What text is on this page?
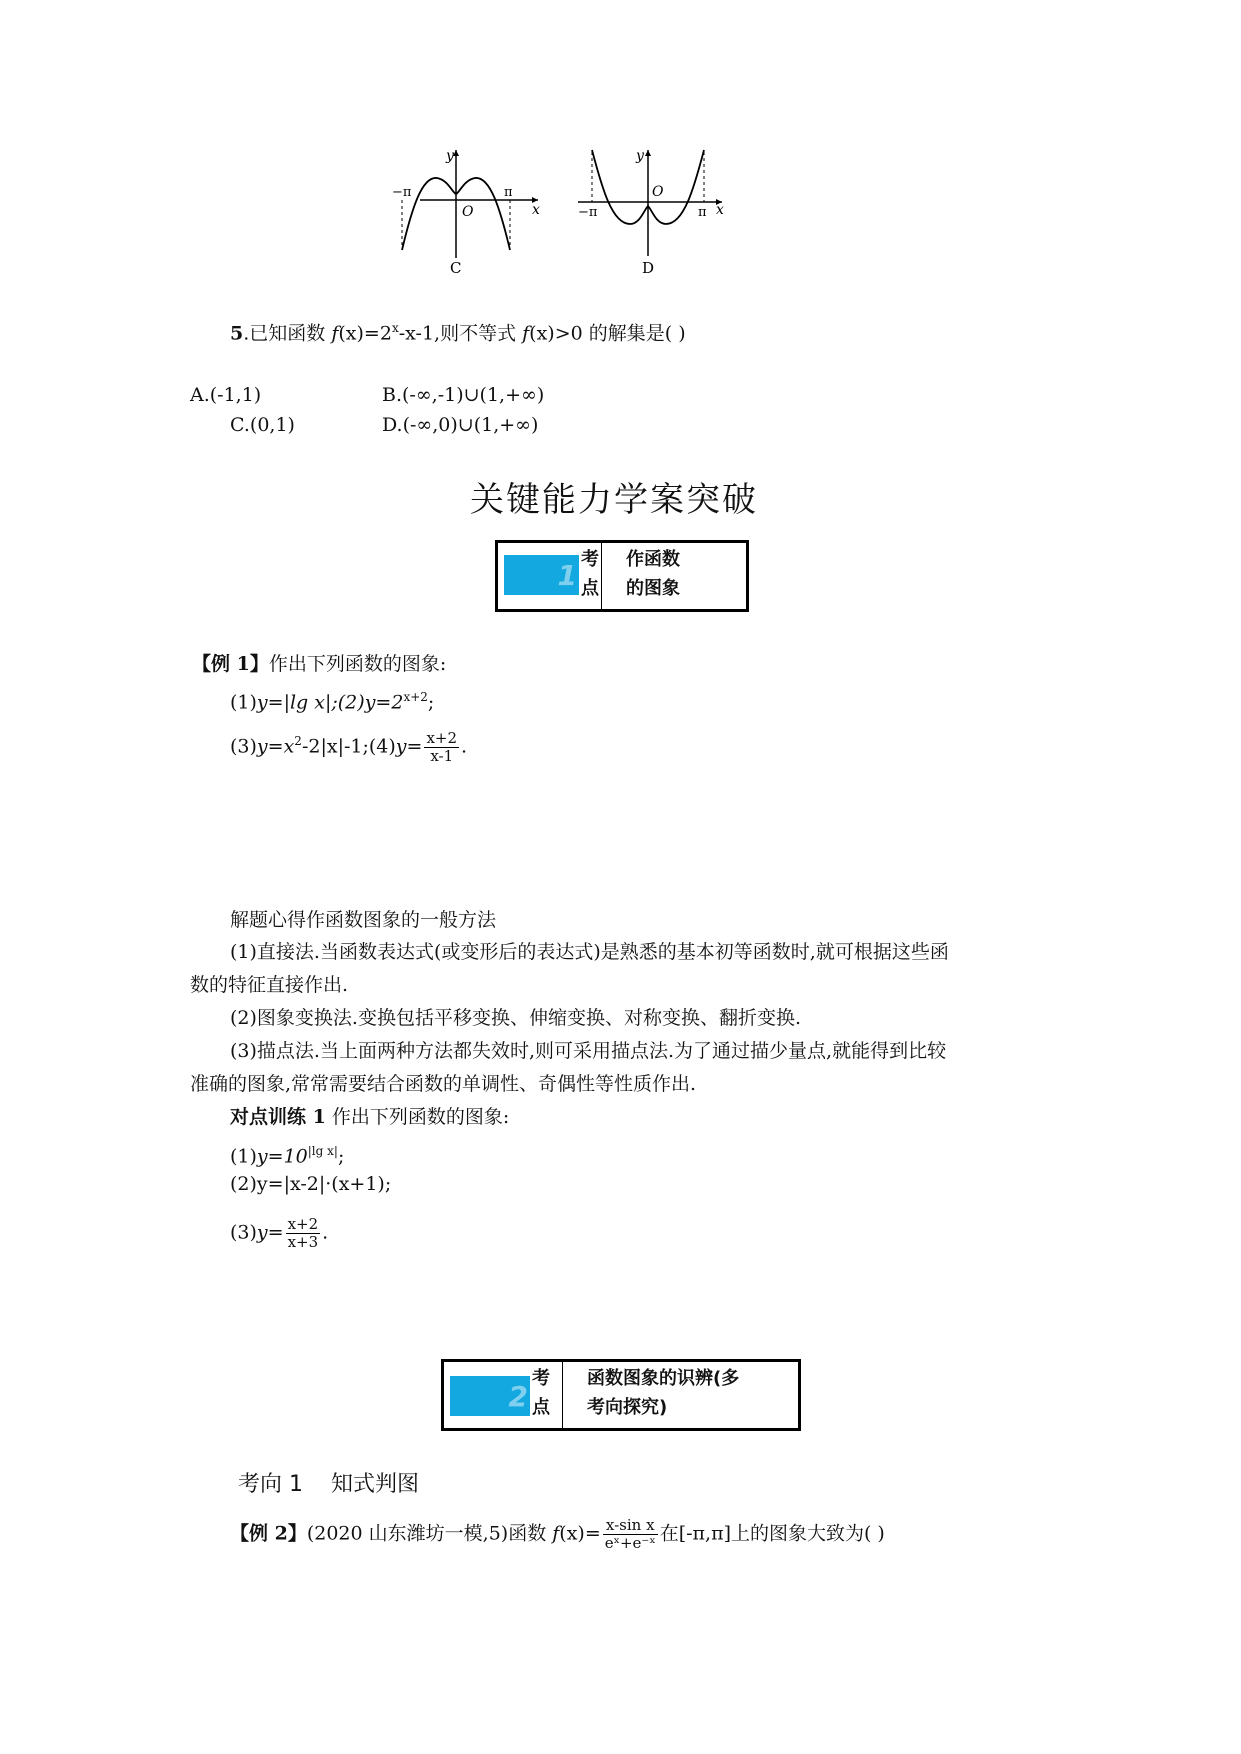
y
x
O
−π	π
C
y
x
O
−π	π
D
5.已知函数 $f(x)=2^x-x-1$,则不等式 f(x)>0 的解集是( )
A.(-1,1)	B.(-∞,-1)∪(1,+∞)
C.(0,1)	D.(-∞,0)∪(1,+∞)
关键能力学案突破
1 考
点
作函数
的图象
【例 1】作出下列函数的图象:
(1)y=|lg $x|;(2)y=2^{x+2}$;
$(3)y=x^2-2|x|-1;(4)y= \frac{x+2}{x-1}$ .
解题心得作函数图象的一般方法
(1)直接法.当函数表达式(或变形后的表达式)是熟悉的基本初等函数时,就可根据这些函
数的特征直接作出.
(2)图象变换法.变换包括平移变换、伸缩变换、对称变换、翻折变换.
(3)描点法.当上面两种方法都失效时,则可采用描点法.为了通过描少量点,就能得到比较
准确的图象,常常需要结合函数的单调性、奇偶性等性质作出.
对点训练 1 作出下列函数的图象:
$(1)y=10^{|lg x|}$;
(2)y=|x-2|·(x+1);
$(3)y= \frac{x+2}{x+3}$ .
2
考
点
函数图象的识辨(多
考向探究)
考向 1 知式判图
【例 2】(2020 山东潍坊一模,5)函数 $f(x)= \frac{\text{x-sin x}}{\text{eˣ+e⁻ˣ}}$ 在[-π,π]上的图象大致为( )
